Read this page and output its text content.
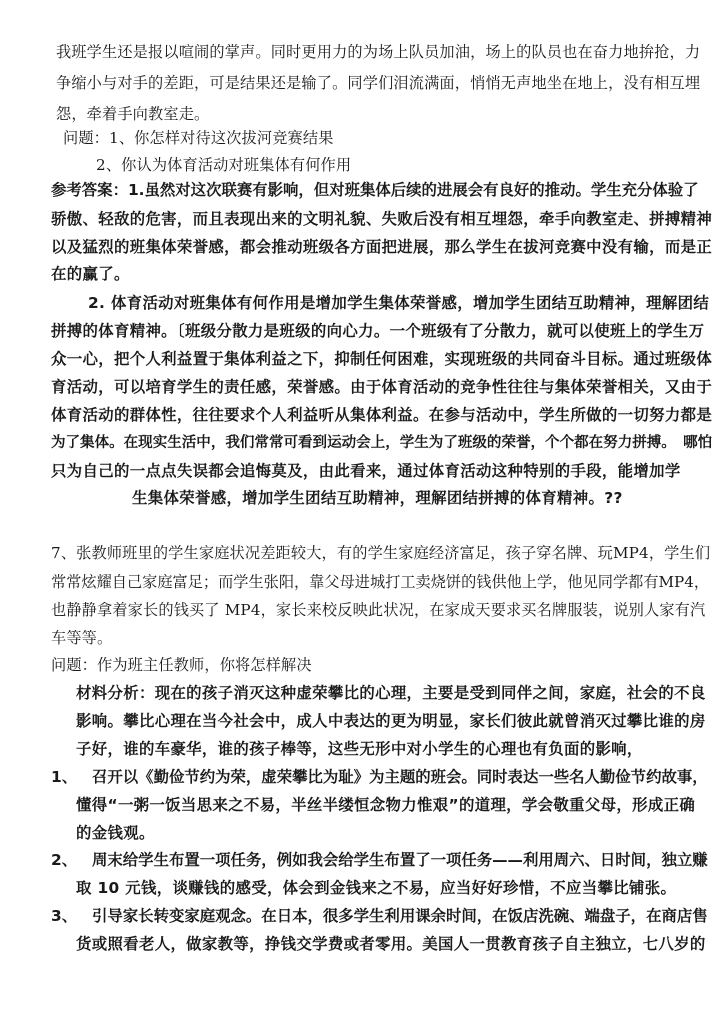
我班学生还是报以喧闹的掌声。同时更用力的为场上队员加油，场上的队员也在奋力地拚抢，力
争缩小与对手的差距，可是结果还是输了。同学们泪流满面，悄悄无声地坐在地上，没有相互埋
怨，牵着手向教室走。
问题：1、你怎样对待这次拔河竞赛结果
2、你认为体育活动对班集体有何作用
参考答案：1.虽然对这次联赛有影响，但对班集体后续的进展会有良好的推动。学生充分体验了
骄傲、轻敌的危害，而且表现出来的文明礼貌、失败后没有相互埋怨，牵手向教室走、拼搏精神
以及猛烈的班集体荣誉感，都会推动班级各方面把进展，那么学生在拔河竞赛中没有输，而是正
在的赢了。
2. 体育活动对班集体有何作用是增加学生集体荣誉感，增加学生团结互助精神，理解团结
拼搏的体育精神。〔班级分散力是班级的向心力。一个班级有了分散力，就可以使班上的学生万
众一心，把个人利益置于集体利益之下，抑制任何困难，实现班级的共同奋斗目标。通过班级体
育活动，可以培育学生的责任感，荣誉感。由于体育活动的竞争性往往与集体荣誉相关，又由于
体育活动的群体性，往往要求个人利益听从集体利益。在参与活动中，学生所做的一切努力都是
为了集体。在现实生活中，我们常常可看到运动会上，学生为了班级的荣誉，个个都在努力拼搏。　哪怕
只为自己的一点点失误都会追悔莫及，由此看来，通过体育活动这种特别的手段，能增加学
生集体荣誉感，增加学生团结互助精神，理解团结拼搏的体育精神。??
7、张教师班里的学生家庭状况差距较大，有的学生家庭经济富足，孩子穿名牌、玩MP4，学生们
常常炫耀自己家庭富足；而学生张阳，靠父母进城打工卖烧饼的钱供他上学，他见同学都有MP4，
也静静拿着家长的钱买了 MP4，家长来校反映此状况，在家成天要求买名牌服装，说别人家有汽
车等等。
问题：作为班主任教师，你将怎样解决
材料分析：现在的孩子消灭这种虚荣攀比的心理，主要是受到同伴之间，家庭，社会的不良
影响。攀比心理在当今社会中，成人中表达的更为明显，家长们彼此就曾消灭过攀比谁的房
子好，谁的车豪华，谁的孩子棒等，这些无形中对小学生的心理也有负面的影响，
1、 召开以《勤俭节约为荣，虚荣攀比为耻》为主题的班会。同时表达一些名人勤俭节约故事，
懂得“一粥一饭当思来之不易，半丝半缕恒念物力惟艰”的道理，学会敬重父母，形成正确
的金钱观。
2、 周末给学生布置一项任务，例如我会给学生布置了一项任务——利用周六、日时间，独立赚
取 10 元钱，谈赚钱的感受，体会到金钱来之不易，应当好好珍惜，不应当攀比铺张。
3、 引导家长转变家庭观念。在日本，很多学生利用课余时间，在饭店洗碗、端盘子，在商店售
货或照看老人，做家教等，挣钱交学费或者零用。美国人一贯教育孩子自主独立，七八岁的
